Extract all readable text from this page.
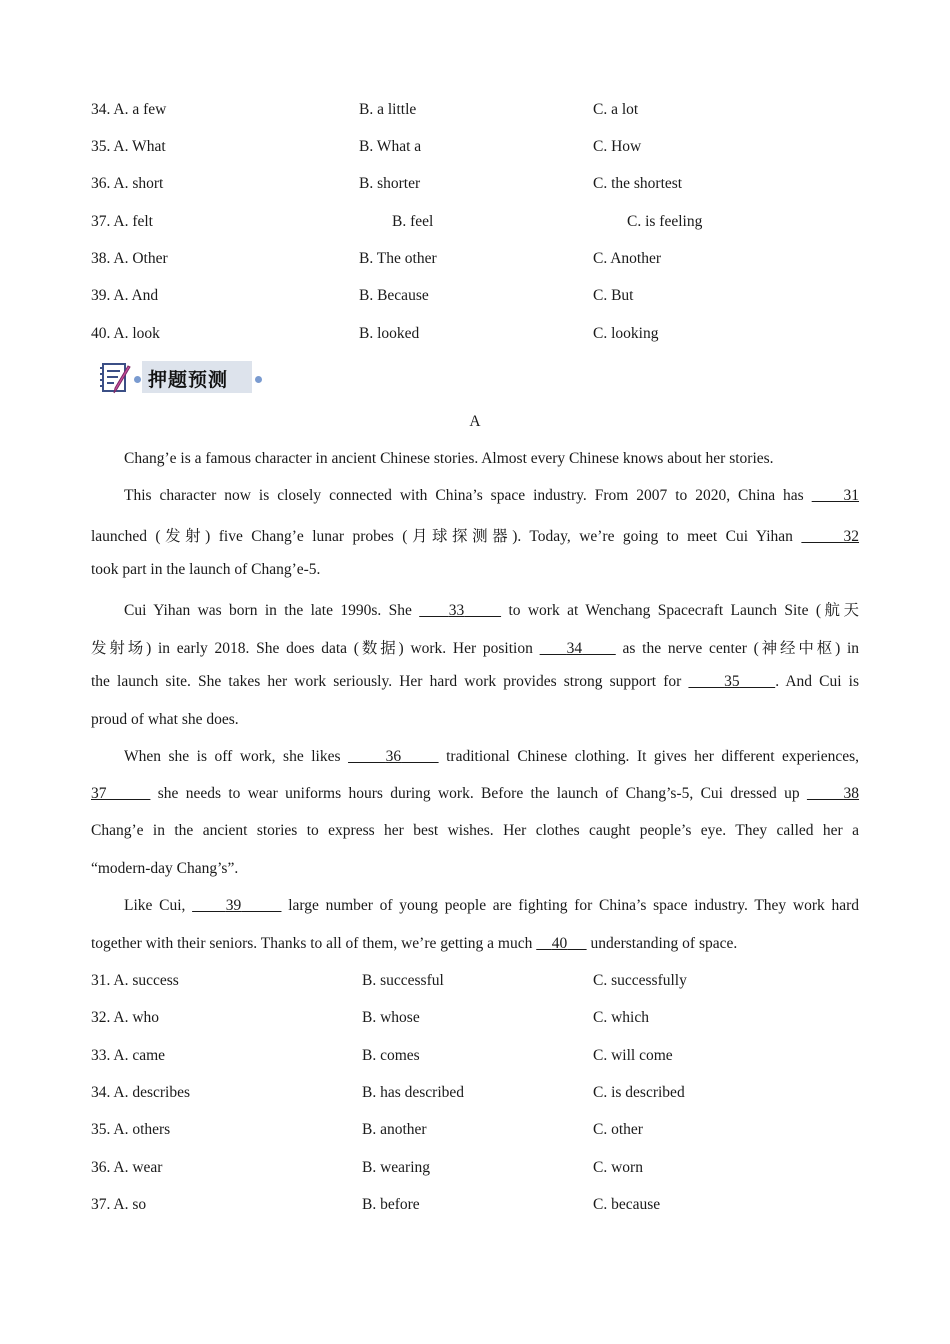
34. A. a few	B. a little	C. a lot
35. A. What	B. What a	C. How
36. A. short	B. shorter	C. the shortest
37. A. felt	B. feel	C. is feeling
38. A. Other	B. The other	C. Another
39. A. And	B. Because	C. But
40. A. look	B. looked	C. looking
押题预测
A
Chang’e is a famous character in ancient Chinese stories. Almost every Chinese knows about her stories.
This character now is closely connected with China’s space industry. From 2007 to 2020, China has	31
launched (发射) five Chang’e lunar probes (月球探测器). Today, we’re going to meet Cui Yihan	32
took part in the launch of Chang’e-5.
Cui Yihan was born in the late 1990s. She 33	to work at Wenchang Spacecraft Launch Site (航天
发射场) in early 2018. She does data (数据) work. Her position 34	as the nerve center (神经中枢) in
the launch site. She takes her work seriously. Her hard work provides strong support for	35 . And Cui is
proud of what she does.
When she is off work, she likes	36	traditional Chinese clothing. It gives her different experiences,
37	she needs to wear uniforms hours during work. Before the launch of Chang’s-5, Cui dressed up	38
Chang’e in the ancient stories to express her best wishes. Her clothes caught people’s eye. They called her a
“modern-day Chang’s”.
Like Cui,	39	large number of young people are fighting for China’s space industry. They work hard
together with their seniors. Thanks to all of them, we’re getting a much 40 understanding of space.
31. A. success	B. successful	C. successfully
32. A. who	B. whose	C. which
33. A. came	B. comes	C. will come
34. A. describes	B. has described	C. is described
35. A. others	B. another	C. other
36. A. wear	B. wearing	C. worn
37. A. so	B. before	C. because
